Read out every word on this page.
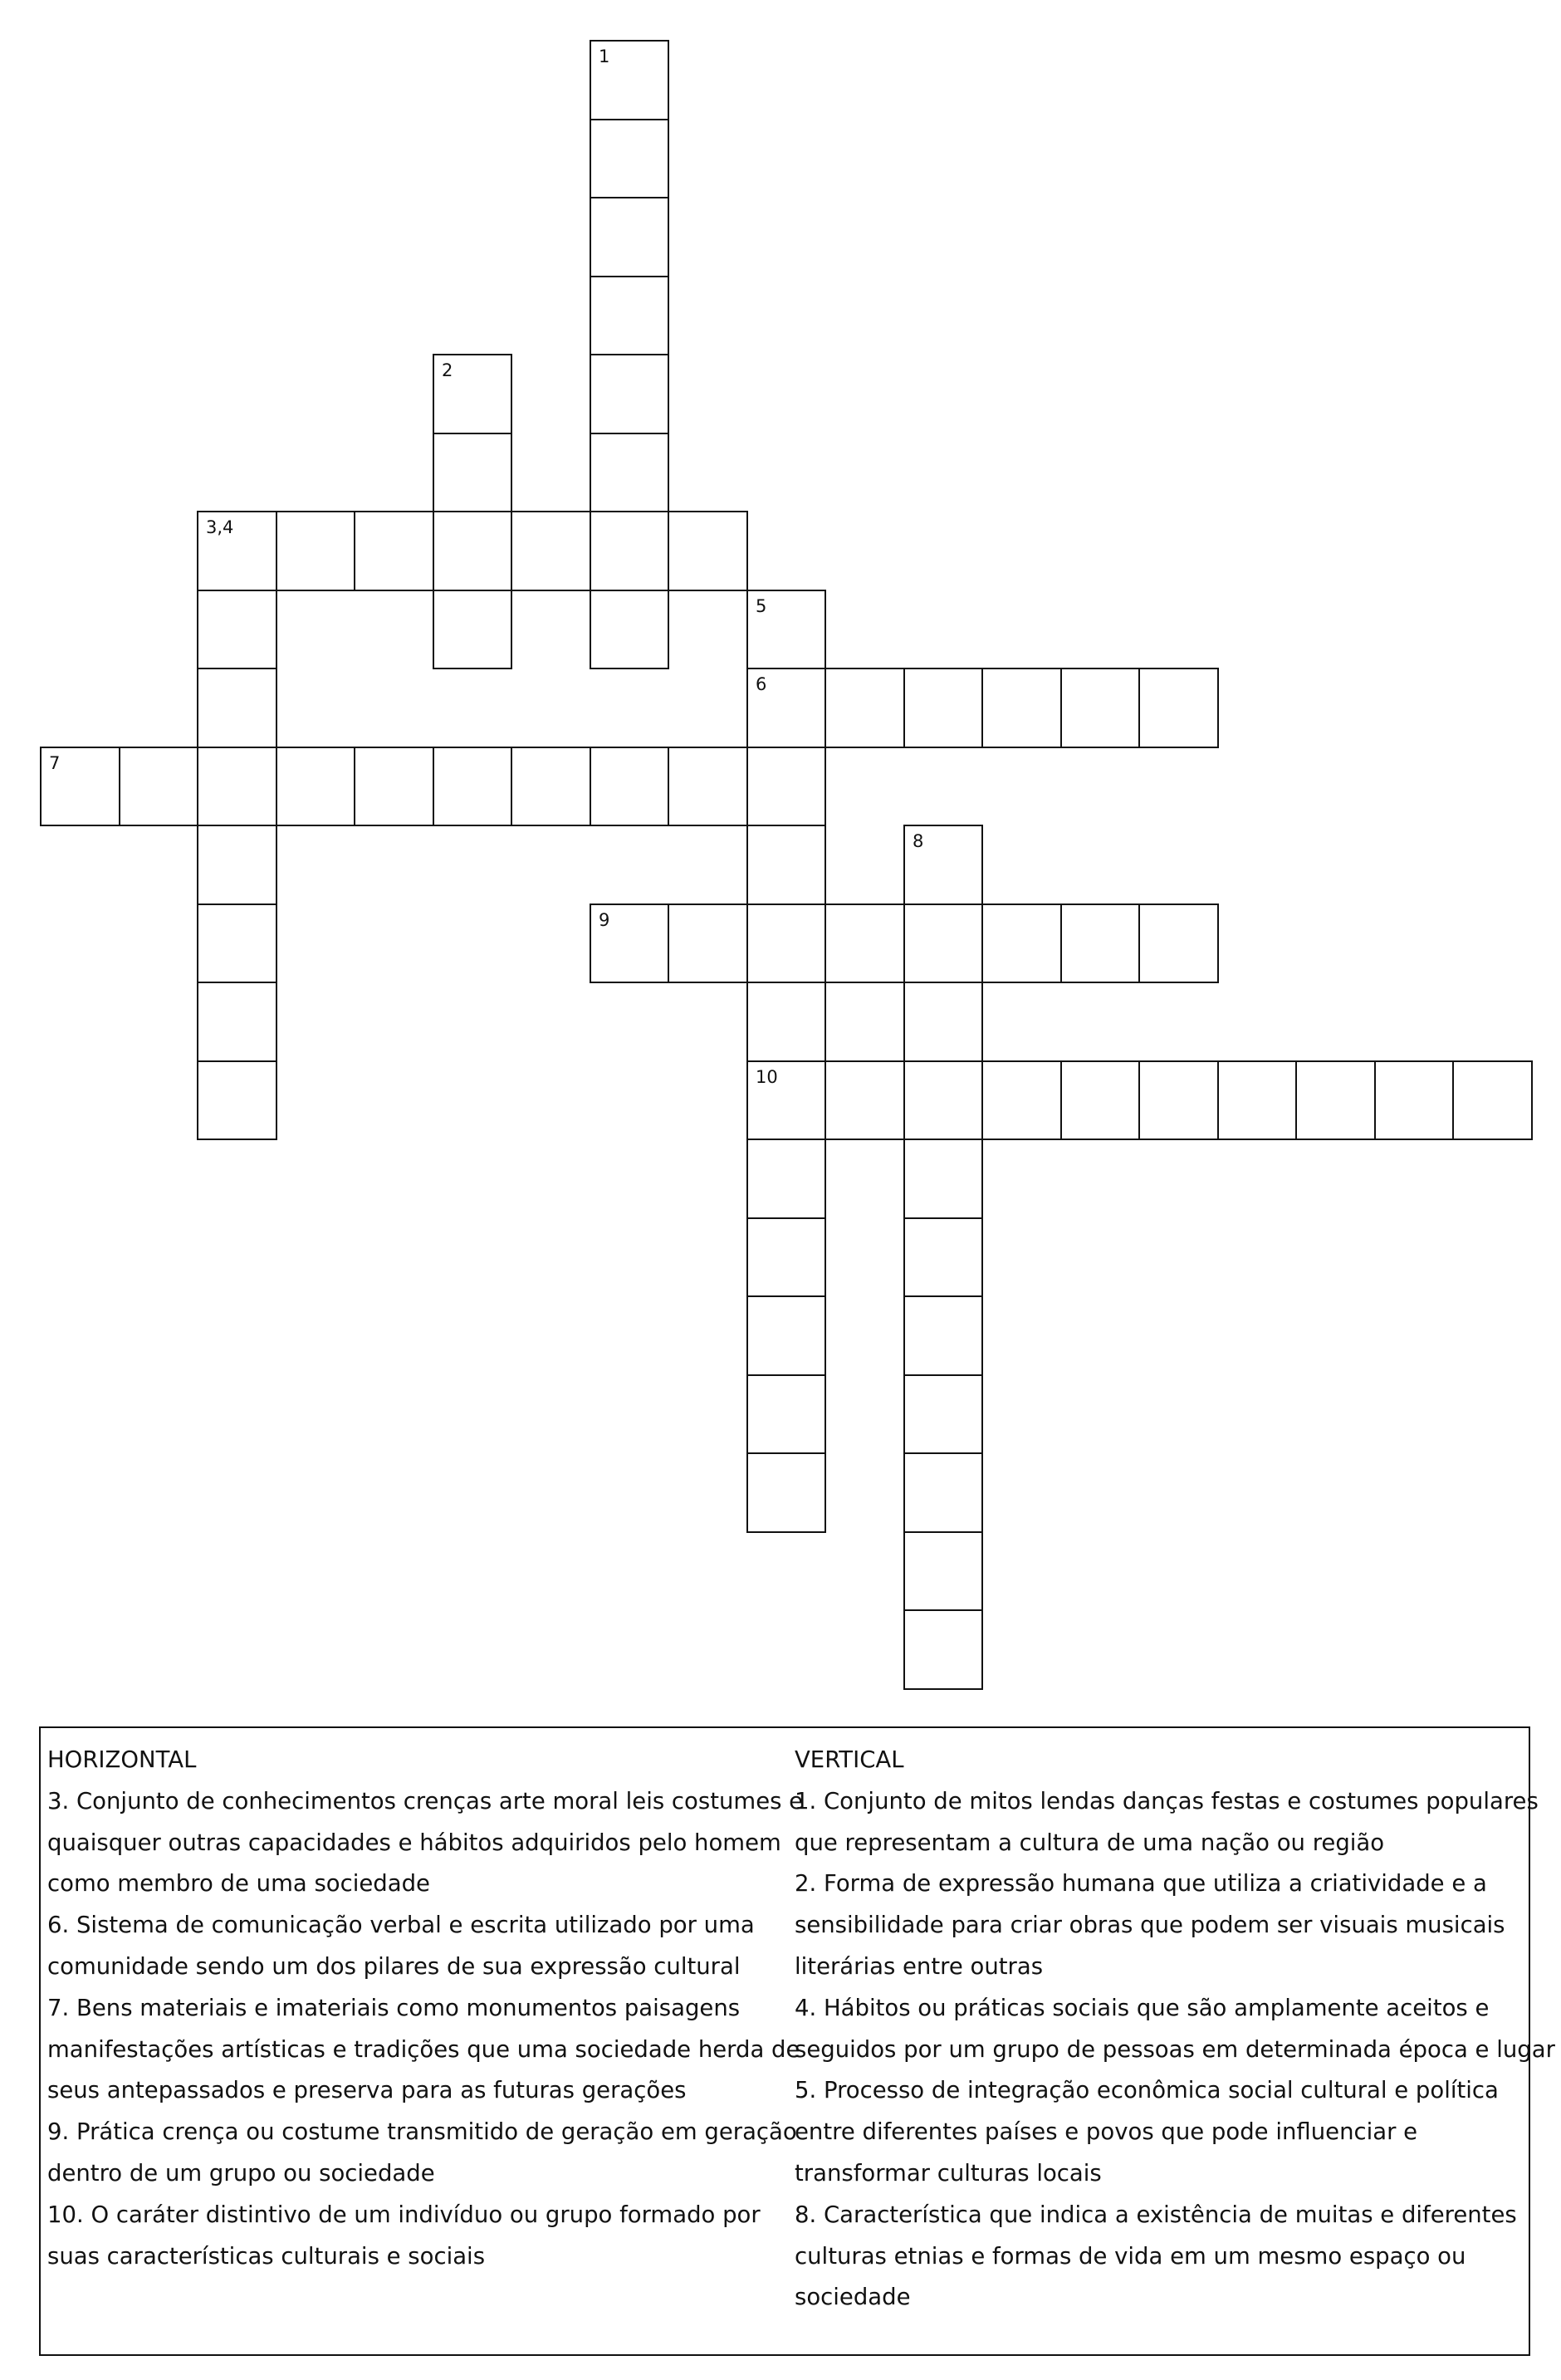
3,4
6
7
9
10
1
2
5
8
HORIZONTAL
3. Conjunto de conhecimentos crenças arte moral leis costumes e
quaisquer outras capacidades e hábitos adquiridos pelo homem
como membro de uma sociedade
6. Sistema de comunicação verbal e escrita utilizado por uma
comunidade sendo um dos pilares de sua expressão cultural
7. Bens materiais e imateriais como monumentos paisagens
manifestações artísticas e tradições que uma sociedade herda de
seus antepassados e preserva para as futuras gerações
9. Prática crença ou costume transmitido de geração em geração
dentro de um grupo ou sociedade
10. O caráter distintivo de um indivíduo ou grupo formado por
suas características culturais e sociais
VERTICAL
1. Conjunto de mitos lendas danças festas e costumes populares
que representam a cultura de uma nação ou região
2. Forma de expressão humana que utiliza a criatividade e a
sensibilidade para criar obras que podem ser visuais musicais
literárias entre outras
4. Hábitos ou práticas sociais que são amplamente aceitos e
seguidos por um grupo de pessoas em determinada época e lugar
5. Processo de integração econômica social cultural e política
entre diferentes países e povos que pode influenciar e
transformar culturas locais
8. Característica que indica a existência de muitas e diferentes
culturas etnias e formas de vida em um mesmo espaço ou
sociedade
